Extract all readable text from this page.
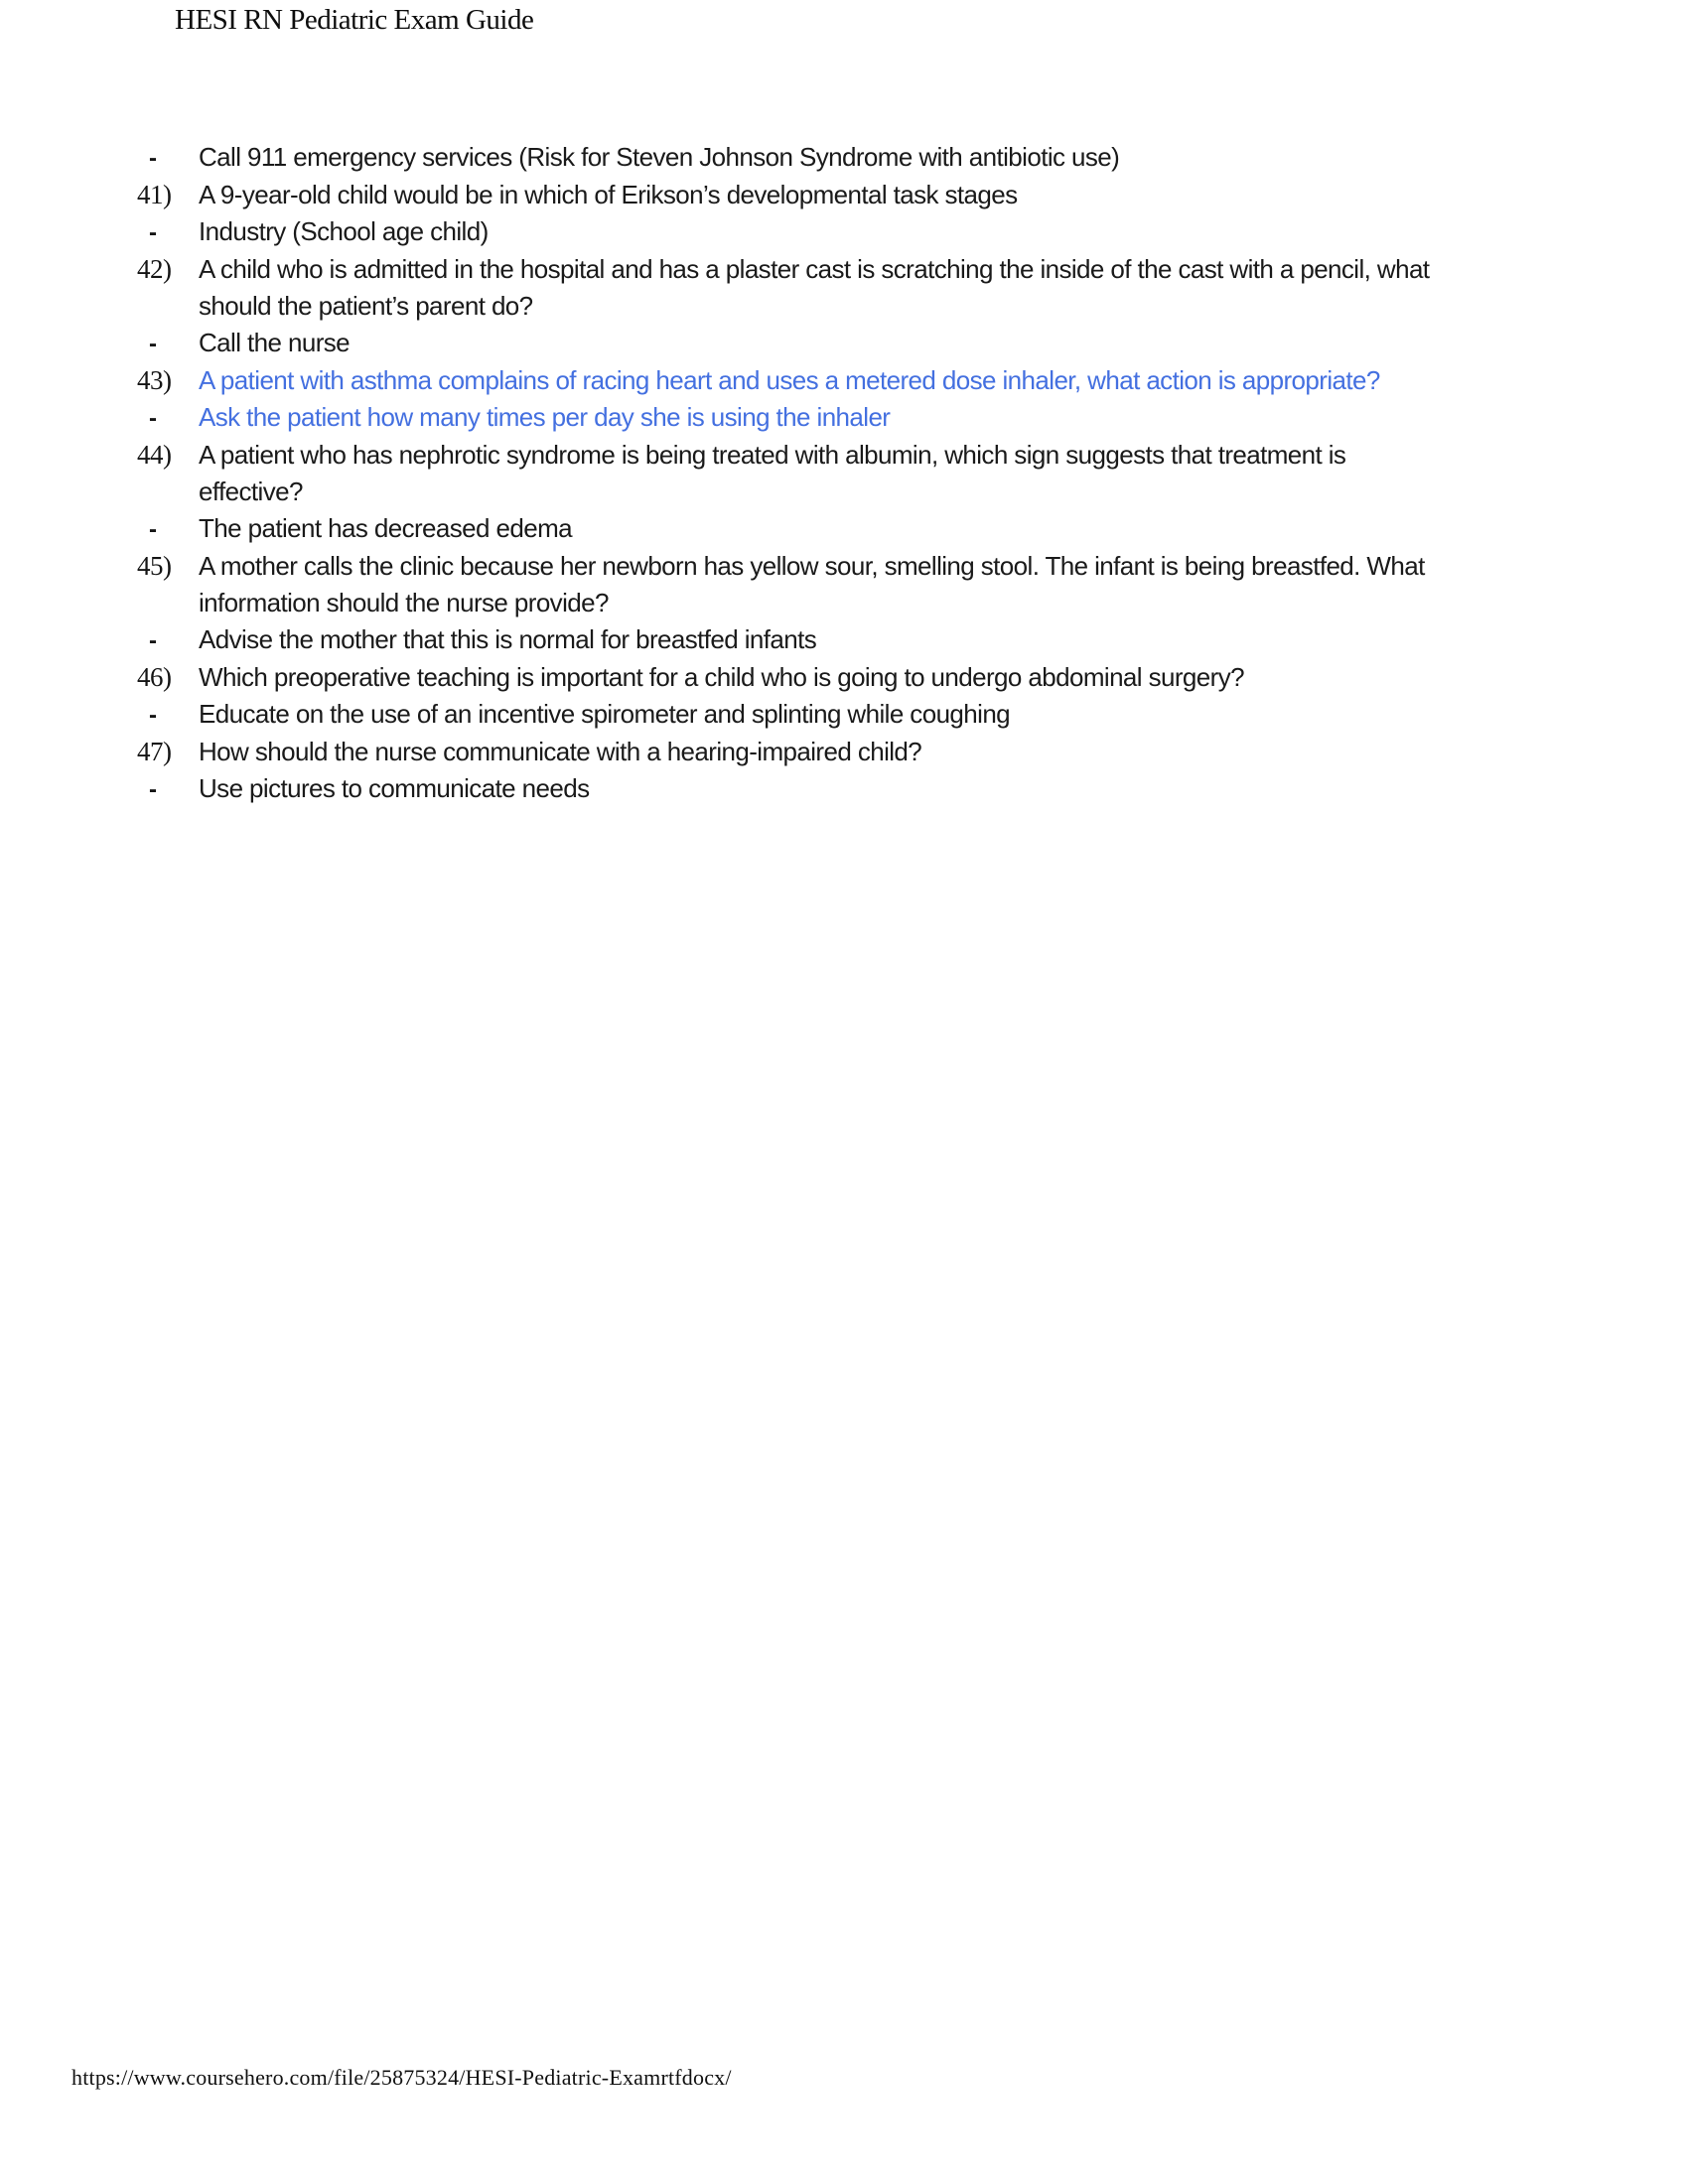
HESI RN Pediatric Exam Guide
-	Call 911 emergency services (Risk for Steven Johnson Syndrome with antibiotic use)
41)	A 9-year-old child would be in which of Erikson’s developmental task stages
-	Industry (School age child)
42)	A child who is admitted in the hospital and has a plaster cast is scratching the inside of the cast with a pencil, what should the patient’s parent do?
-	Call the nurse
43)	A patient with asthma complains of racing heart and uses a metered dose inhaler, what action is appropriate?
-	Ask the patient how many times per day she is using the inhaler
44)	A patient who has nephrotic syndrome is being treated with albumin, which sign suggests that treatment is effective?
-	The patient has decreased edema
45)	A mother calls the clinic because her newborn has yellow sour, smelling stool. The infant is being breastfed. What information should the nurse provide?
-	Advise the mother that this is normal for breastfed infants
46)	Which preoperative teaching is important for a child who is going to undergo abdominal surgery?
-	Educate on the use of an incentive spirometer and splinting while coughing
47)	How should the nurse communicate with a hearing-impaired child?
-	Use pictures to communicate needs
https://www.coursehero.com/file/25875324/HESI-Pediatric-Examrtfdocx/
